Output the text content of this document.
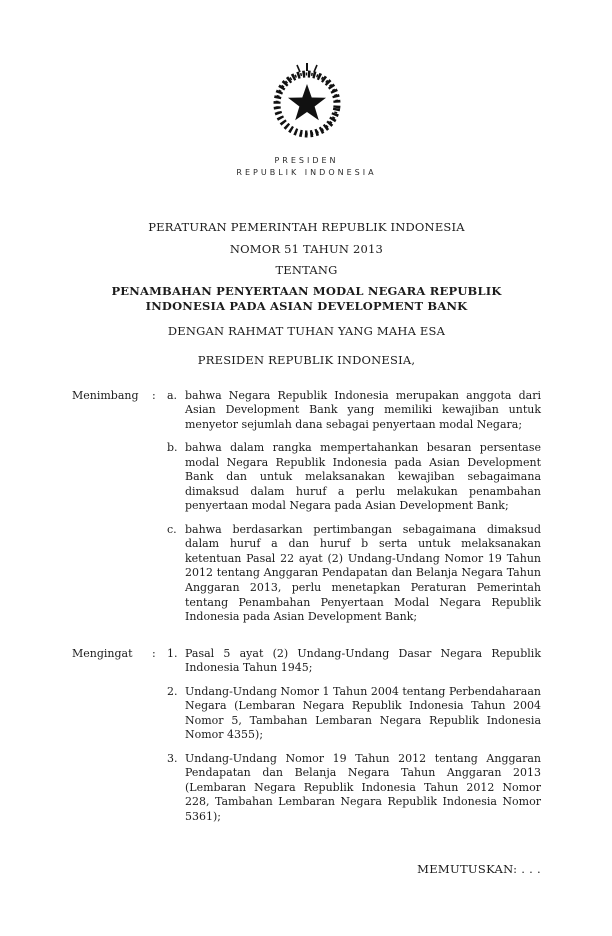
PRESIDEN
REPUBLIK INDONESIA
PERATURAN PEMERINTAH REPUBLIK INDONESIA
NOMOR 51 TAHUN 2013
TENTANG
PENAMBAHAN PENYERTAAN MODAL NEGARA REPUBLIK INDONESIA PADA ASIAN DEVELOPMENT BANK
DENGAN RAHMAT TUHAN YANG MAHA ESA
PRESIDEN REPUBLIK INDONESIA,
Menimbang	:	a. bahwa Negara Republik Indonesia merupakan anggota dari Asian Development Bank yang memiliki kewajiban untuk menyetor sejumlah dana sebagai penyertaan modal Negara;
b. bahwa dalam rangka mempertahankan besaran persentase modal Negara Republik Indonesia pada Asian Development Bank dan untuk melaksanakan kewajiban sebagaimana dimaksud dalam huruf a perlu melakukan penambahan penyertaan modal Negara pada Asian Development Bank;
c. bahwa berdasarkan pertimbangan sebagaimana dimaksud dalam huruf a dan huruf b serta untuk melaksanakan ketentuan Pasal 22 ayat (2) Undang-Undang Nomor 19 Tahun 2012 tentang Anggaran Pendapatan dan Belanja Negara Tahun Anggaran 2013, perlu menetapkan Peraturan Pemerintah tentang Penambahan Penyertaan Modal Negara Republik Indonesia pada Asian Development Bank;
Mengingat	:	1. Pasal 5 ayat (2) Undang-Undang Dasar Negara Republik Indonesia Tahun 1945;
2. Undang-Undang Nomor 1 Tahun 2004 tentang Perbendaharaan Negara (Lembaran Negara Republik Indonesia Tahun 2004 Nomor 5, Tambahan Lembaran Negara Republik Indonesia Nomor 4355);
3. Undang-Undang Nomor 19 Tahun 2012 tentang Anggaran Pendapatan dan Belanja Negara Tahun Anggaran 2013 (Lembaran Negara Republik Indonesia Tahun 2012 Nomor 228, Tambahan Lembaran Negara Republik Indonesia Nomor 5361);
MEMUTUSKAN: . . .
